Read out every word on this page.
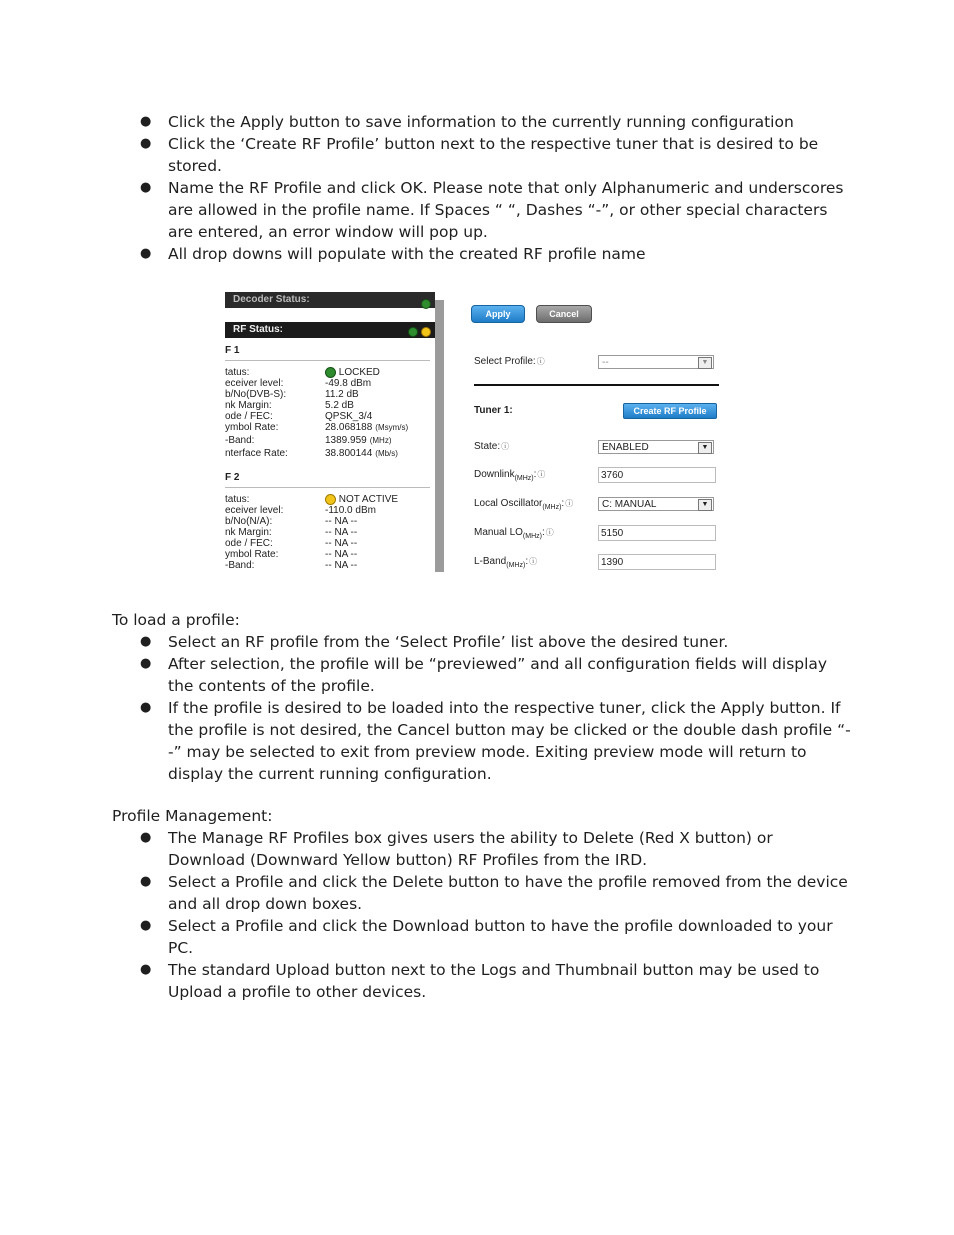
● Click the Apply button to save information to the currently running configuration
● Click the ‘Create RF Profile’ button next to the respective tuner that is desired to be stored.
● Name the RF Profile and click OK. Please note that only Alphanumeric and underscores are allowed in the profile name. If Spaces “ “, Dashes “-”, or other special characters are entered, an error window will pop up.
● All drop downs will populate with the created RF profile name
Decoder Status:
RF Status:
F 1
tatus:	LOCKED
eceiver level:	-49.8 dBm
b/No(DVB-S):	11.2 dB
nk Margin:	5.2 dB
ode / FEC:	QPSK_3/4
ymbol Rate:	28.068188 (Msym/s)
-Band:	1389.959 (MHz)
nterface Rate:	38.800144 (Mb/s)
F 2
tatus:	NOT ACTIVE
eceiver level:	-110.0 dBm
b/No(N/A):	-- NA --
nk Margin:	-- NA --
ode / FEC:	-- NA --
ymbol Rate:	-- NA --
-Band:	-- NA --
Apply	Cancel
Select Profile:ⓘ	--	▼
Tuner 1:	Create RF Profile
State:ⓘ	ENABLED	▼
Downlink$_{(MHz)}$:ⓘ	3760
Local Oscillator$_{(MHz)}$:ⓘ	C: MANUAL	▼
Manual $LO_{(MHz)}:ⓘ$	5150
L-Band$_{(MHz)}$:ⓘ	1390

To load a profile:

● Select an RF profile from the ‘Select Profile’ list above the desired tuner.
● After selection, the profile will be “previewed” and all configuration fields will display the contents of the profile.
● If the profile is desired to be loaded into the respective tuner, click the Apply button. If the profile is not desired, the Cancel button may be clicked or the double dash profile “--” may be selected to exit from preview mode. Exiting preview mode will return to display the current running configuration.

Profile Management:

● The Manage RF Profiles box gives users the ability to Delete (Red X button) or Download (Downward Yellow button) RF Profiles from the IRD.
● Select a Profile and click the Delete button to have the profile removed from the device and all drop down boxes.
● Select a Profile and click the Download button to have the profile downloaded to your PC.
● The standard Upload button next to the Logs and Thumbnail button may be used to Upload a profile to other devices.
